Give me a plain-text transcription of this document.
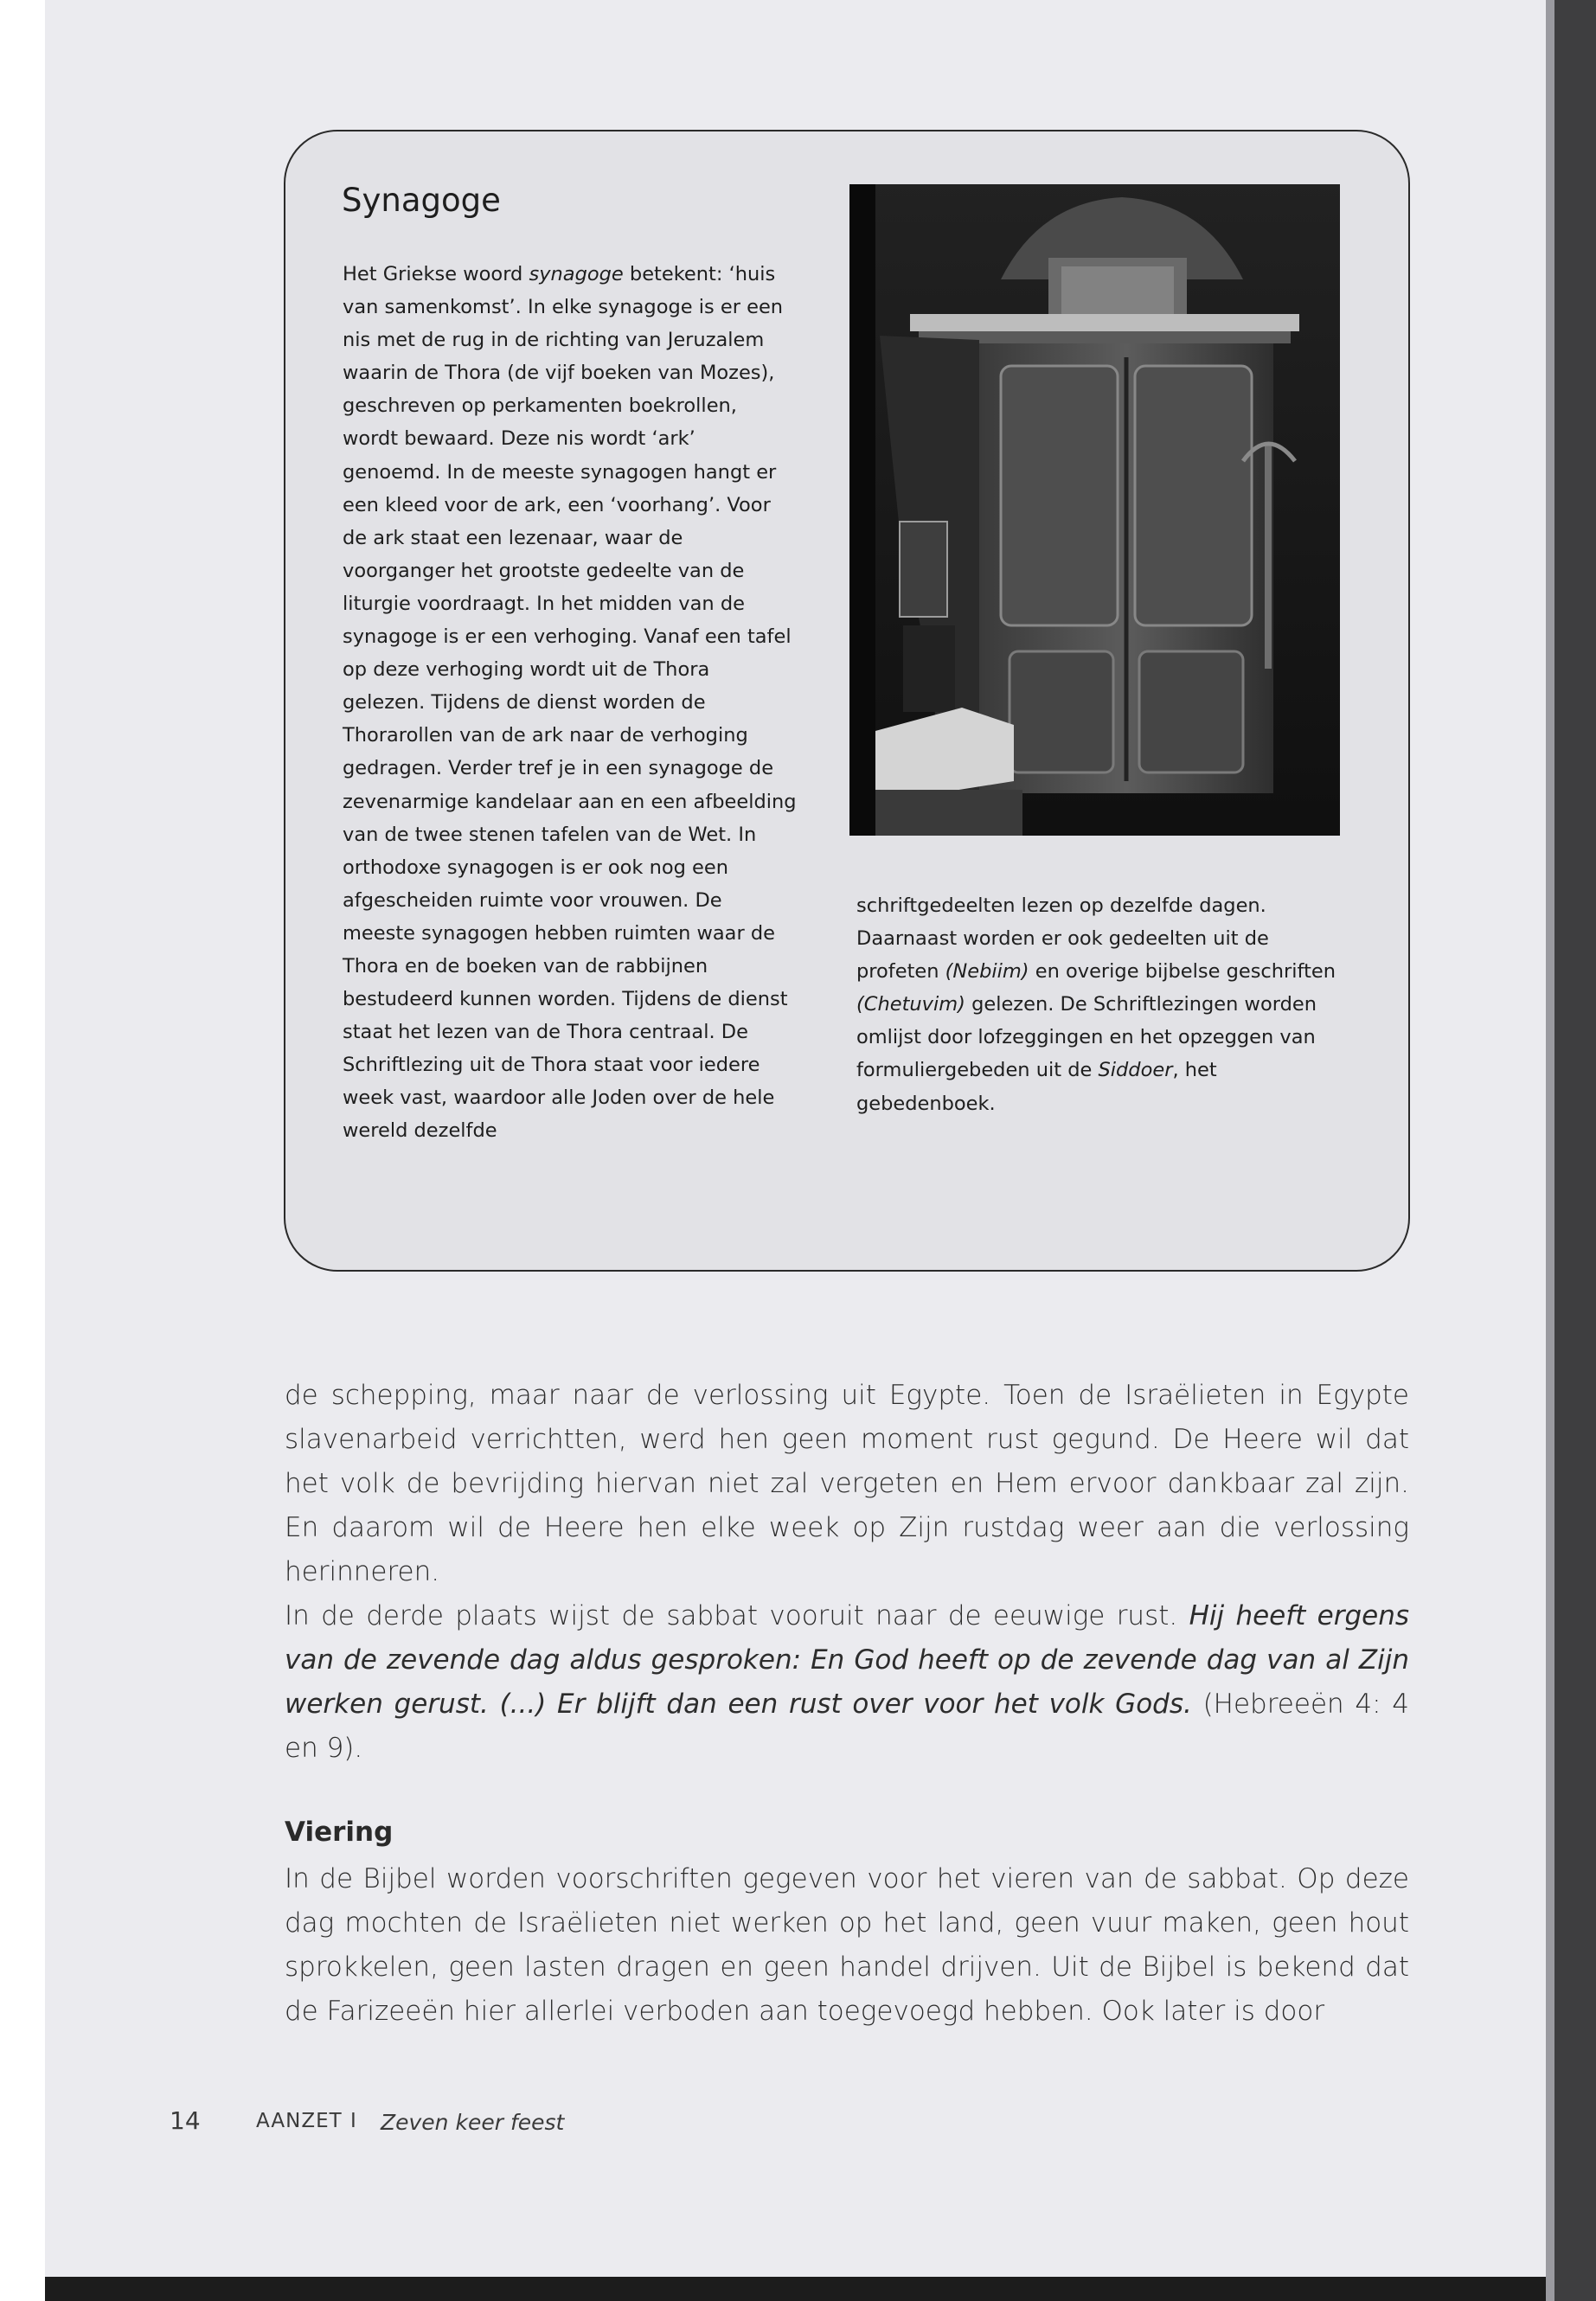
Synagoge

Het Griekse woord synagoge betekent: ‘huis van samenkomst’. In elke synagoge is er een nis met de rug in de richting van Jeruzalem waarin de Thora (de vijf boeken van Mozes), geschreven op perkamenten boekrollen, wordt bewaard. Deze nis wordt ‘ark’ genoemd. In de meeste synagogen hangt er een kleed voor de ark, een ‘voorhang’. Voor de ark staat een lezenaar, waar de voorganger het grootste gedeelte van de liturgie voordraagt. In het midden van de synagoge is er een verhoging. Vanaf een tafel op deze verhoging wordt uit de Thora gelezen. Tijdens de dienst worden de Thorarollen van de ark naar de verhoging gedragen. Verder tref je in een synagoge de zevenarmige kandelaar aan en een afbeelding van de twee stenen tafelen van de Wet. In orthodoxe synagogen is er ook nog een afgescheiden ruimte voor vrouwen. De meeste synagogen hebben ruimten waar de Thora en de boeken van de rabbijnen bestudeerd kunnen worden. Tijdens de dienst staat het lezen van de Thora centraal. De Schriftlezing uit de Thora staat voor iedere week vast, waardoor alle Joden over de hele wereld dezelfde

schriftgedeelten lezen op dezelfde dagen. Daarnaast worden er ook gedeelten uit de profeten (Nebiim) en overige bijbelse geschriften (Chetuvim) gelezen. De Schriftlezingen worden omlijst door lofzeggingen en het opzeggen van formuliergebeden uit de Siddoer, het gebedenboek.

de schepping, maar naar de verlossing uit Egypte. Toen de Israëlieten in Egypte slavenarbeid verrichtten, werd hen geen moment rust gegund. De Heere wil dat het volk de bevrijding hiervan niet zal vergeten en Hem ervoor dankbaar zal zijn. En daarom wil de Heere hen elke week op Zijn rustdag weer aan die verlossing herinneren.

In de derde plaats wijst de sabbat vooruit naar de eeuwige rust. Hij heeft ergens van de zevende dag aldus gesproken: En God heeft op de zevende dag van al Zijn werken gerust. (...) Er blijft dan een rust over voor het volk Gods. (Hebreeën 4: 4 en 9).

Viering

In de Bijbel worden voorschriften gegeven voor het vieren van de sabbat. Op deze dag mochten de Israëlieten niet werken op het land, geen vuur maken, geen hout sprokkelen, geen lasten dragen en geen handel drijven. Uit de Bijbel is bekend dat de Farizeeën hier allerlei verboden aan toegevoegd hebben. Ook later is door

14	AANZET I Zeven keer feest
